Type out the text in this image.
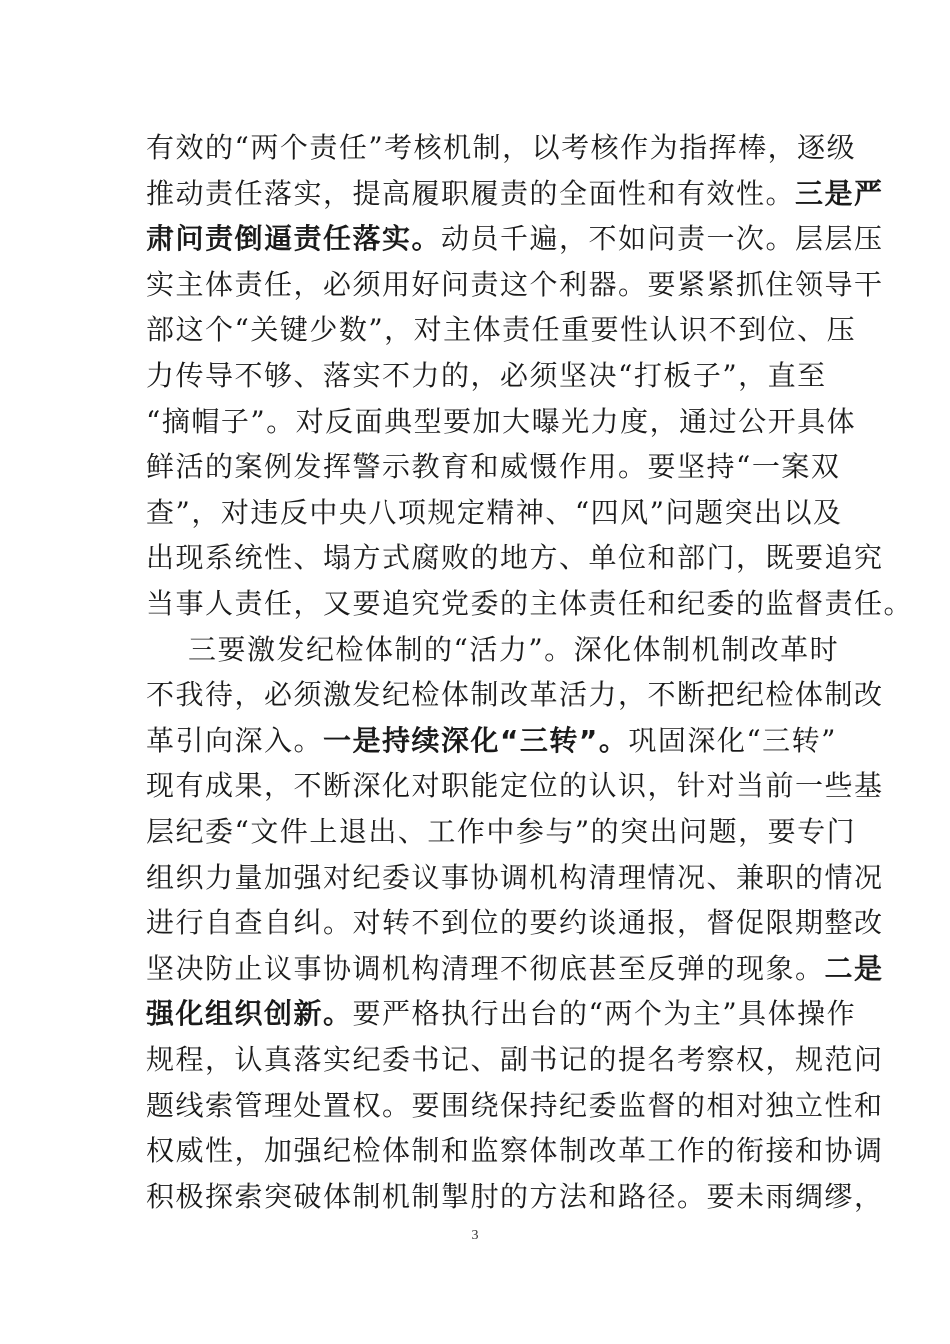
有效的“两个责任”考核机制，以考核作为指挥棒，逐级
推动责任落实，提高履职履责的全面性和有效性。三是严
肃问责倒逼责任落实。动员千遍，不如问责一次。层层压
实主体责任，必须用好问责这个利器。要紧紧抓住领导干
部这个“关键少数”，对主体责任重要性认识不到位、压
力传导不够、落实不力的，必须坚决“打板子”，直至
“摘帽子”。对反面典型要加大曝光力度，通过公开具体
鲜活的案例发挥警示教育和威慑作用。要坚持“一案双
查”，对违反中央八项规定精神、“四风”问题突出以及
出现系统性、塌方式腐败的地方、单位和部门，既要追究
当事人责任，又要追究党委的主体责任和纪委的监督责任。
三要激发纪检体制的“活力”。深化体制机制改革时
不我待，必须激发纪检体制改革活力，不断把纪检体制改
革引向深入。一是持续深化“三转”。巩固深化“三转”
现有成果，不断深化对职能定位的认识，针对当前一些基
层纪委“文件上退出、工作中参与”的突出问题，要专门
组织力量加强对纪委议事协调机构清理情况、兼职的情况
进行自查自纠。对转不到位的要约谈通报，督促限期整改
坚决防止议事协调机构清理不彻底甚至反弹的现象。二是
强化组织创新。要严格执行出台的“两个为主”具体操作
规程，认真落实纪委书记、副书记的提名考察权，规范问
题线索管理处置权。要围绕保持纪委监督的相对独立性和
权威性，加强纪检体制和监察体制改革工作的衔接和协调
积极探索突破体制机制掣肘的方法和路径。要未雨绸缪，
3
